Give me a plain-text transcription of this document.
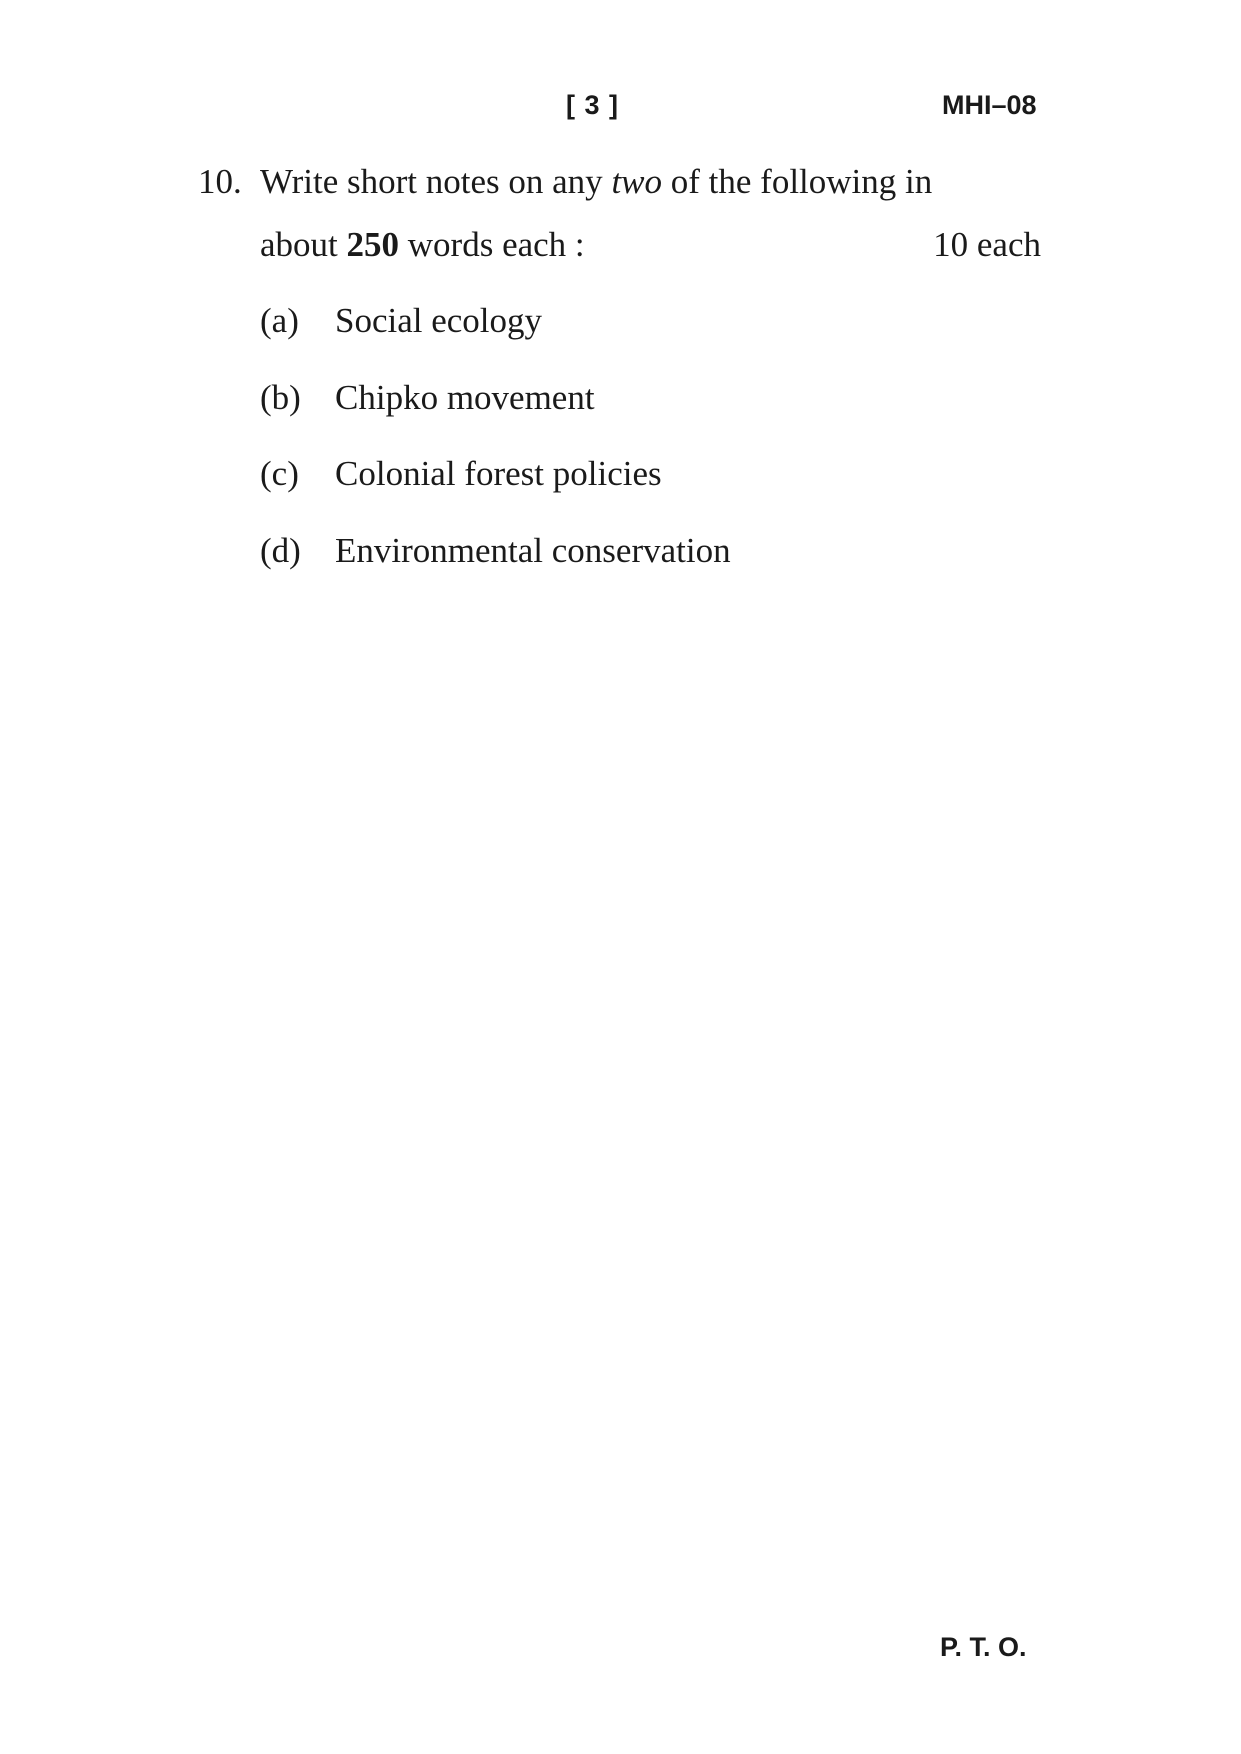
[ 3 ]	MHI–08
10. Write short notes on any two of the following in
about 250 words each :	10 each
(a) Social ecology
(b) Chipko movement
(c) Colonial forest policies
(d) Environmental conservation
P. T. O.
